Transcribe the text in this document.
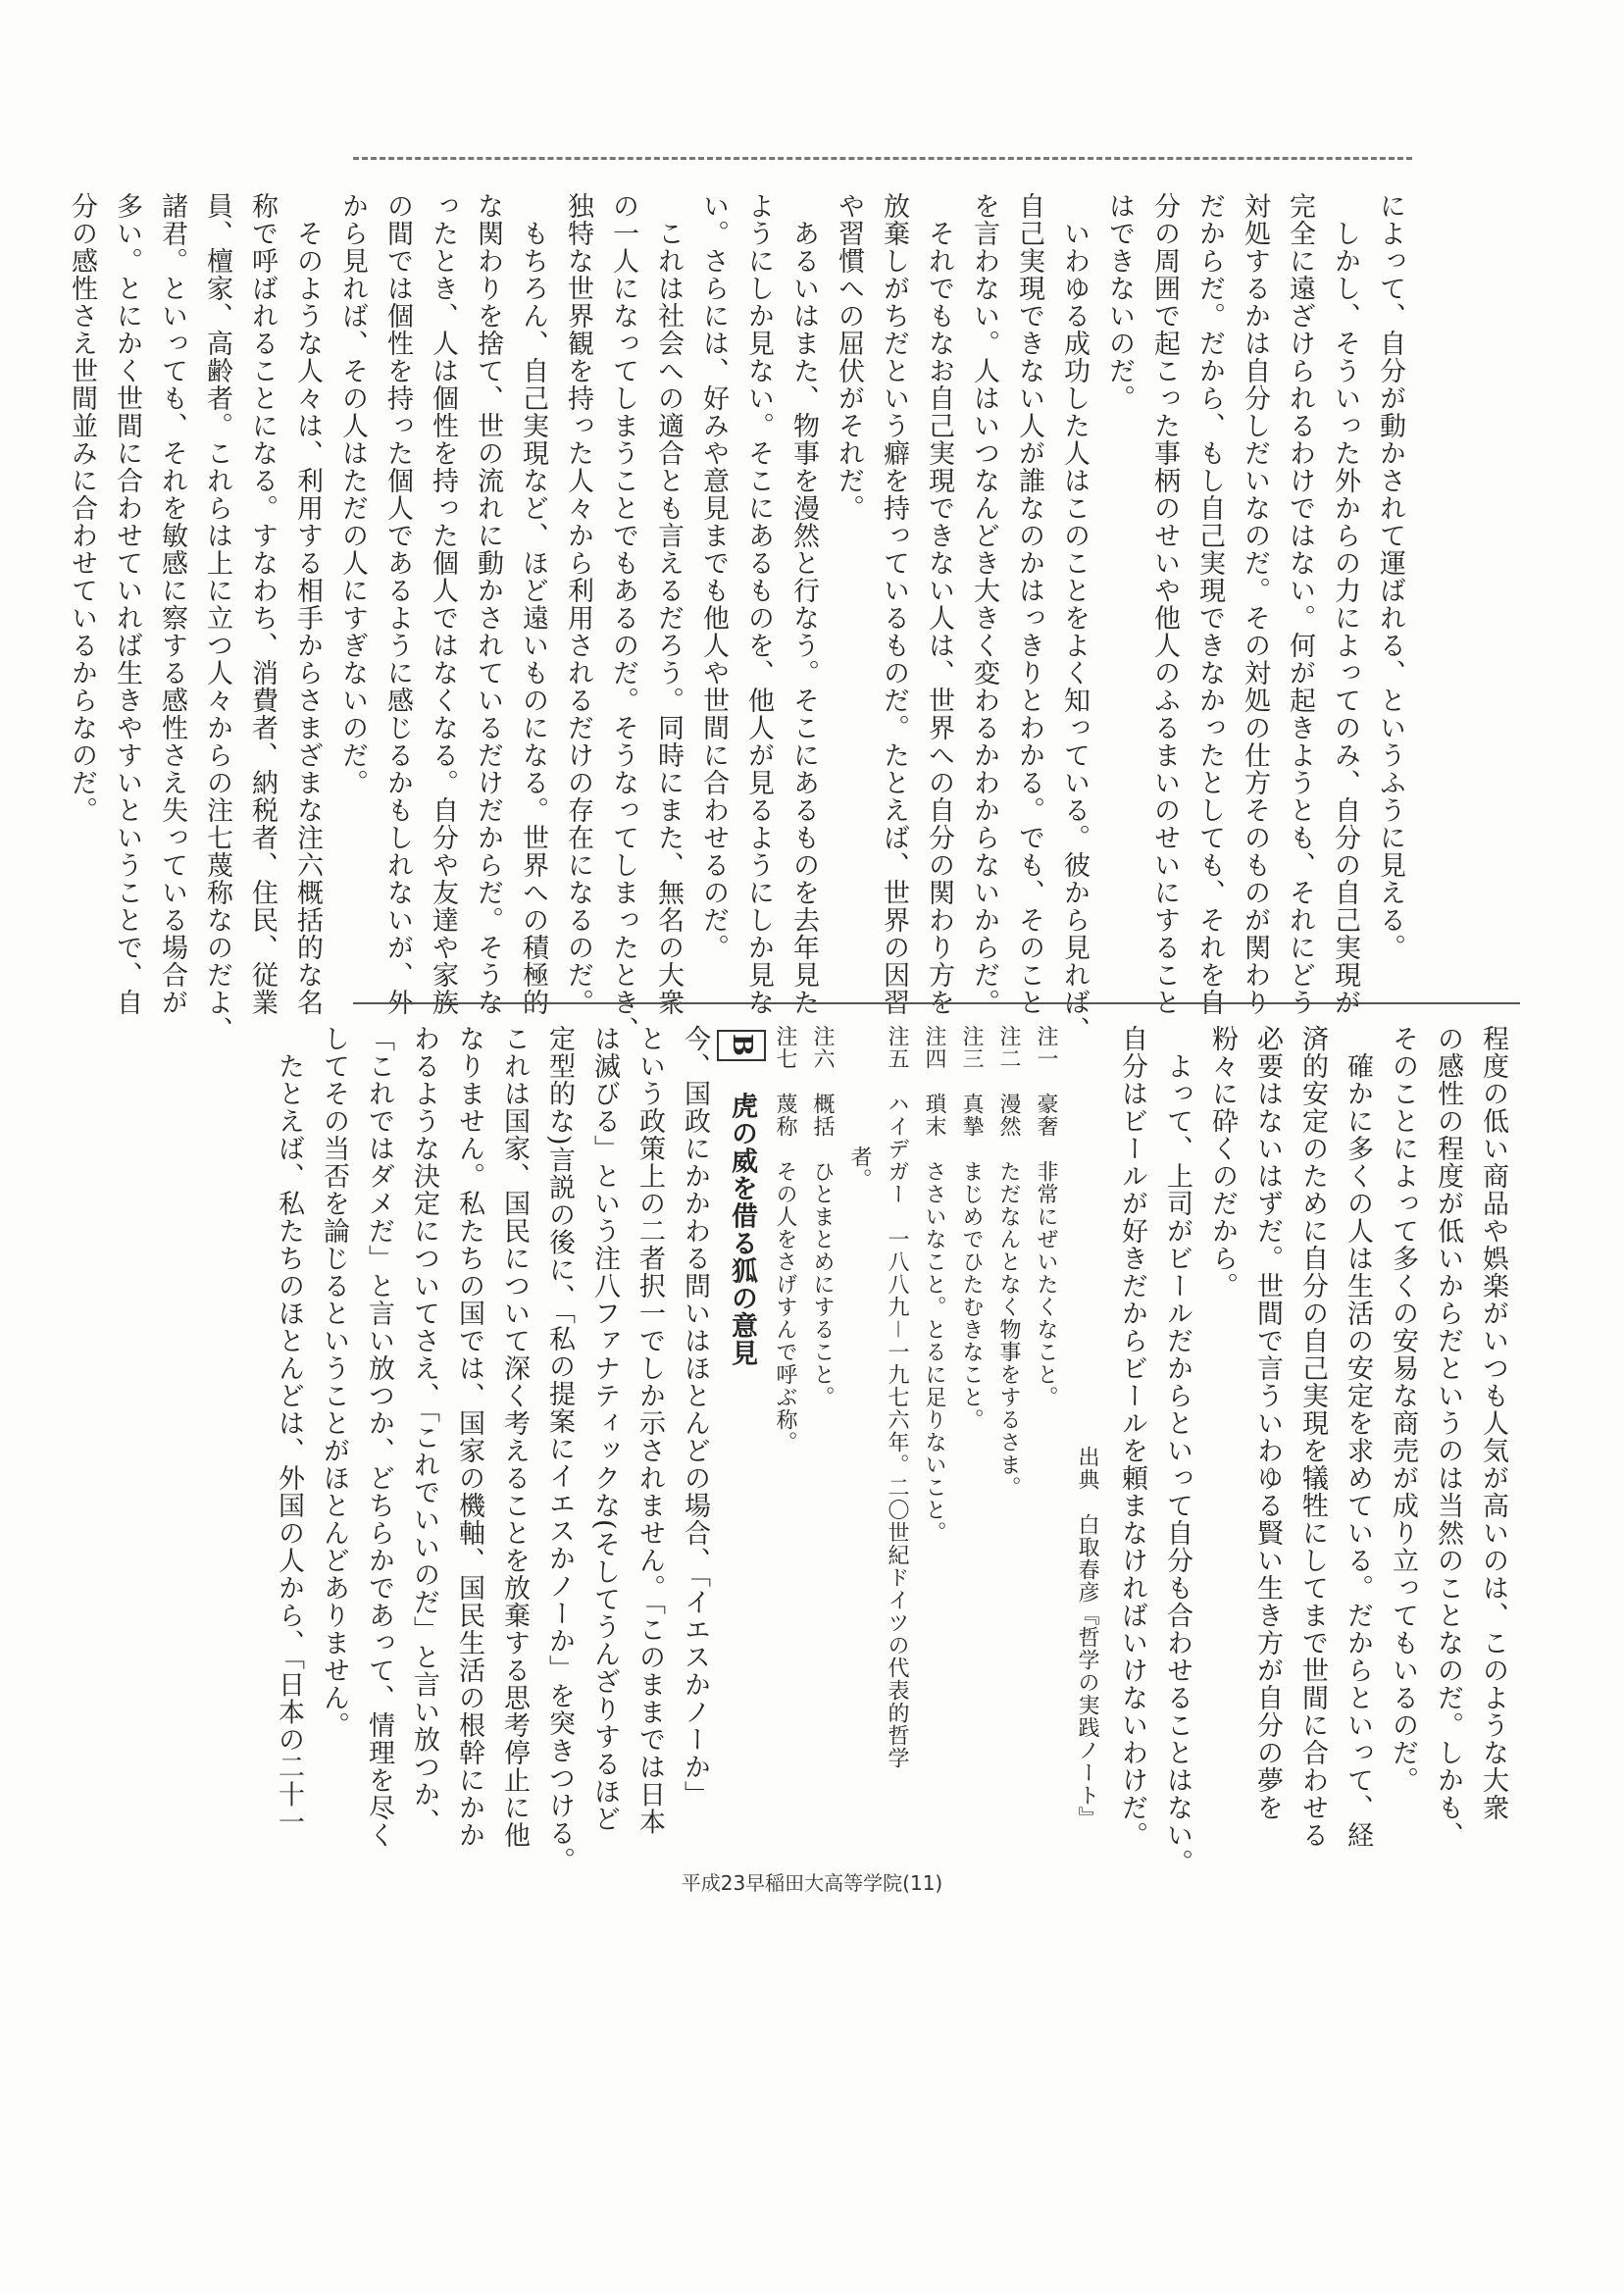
によって、自分が動かされて運ばれる、というふうに見える。

　しかし、そういった外からの力によってのみ、自分の自己実現が

完全に遠ざけられるわけではない。何が起きようとも、それにどう

対処するかは自分しだいなのだ。その対処の仕方そのものが関わり

だからだ。だから、もし自己実現できなかったとしても、それを自

分の周囲で起こった事柄のせいや他人のふるまいのせいにすること

はできないのだ。

　いわゆる成功した人はこのことをよく知っている。彼から見れば、

自己実現できない人が誰なのかはっきりとわかる。でも、そのこと

を言わない。人はいつなんどき大きく変わるかわからないからだ。

　それでもなお自己実現できない人は、世界への自分の関わり方を

放棄しがちだという癖を持っているものだ。たとえば、世界の因習

や習慣への屈伏がそれだ。

　あるいはまた、物事を漫然と行なう。そこにあるものを去年見た

ようにしか見ない。そこにあるものを、他人が見るようにしか見な

い。さらには、好みや意見までも他人や世間に合わせるのだ。

　これは社会への適合とも言えるだろう。同時にまた、無名の大衆

の一人になってしまうことでもあるのだ。そうなってしまったとき、

独特な世界観を持った人々から利用されるだけの存在になるのだ。

　もちろん、自己実現など、ほど遠いものになる。世界への積極的

な関わりを捨て、世の流れに動かされているだけだからだ。そうな

ったとき、人は個性を持った個人ではなくなる。自分や友達や家族

の間では個性を持った個人であるように感じるかもしれないが、外

から見れば、その人はただの人にすぎないのだ。

　そのような人々は、利用する相手からさまざまな注六概括的な名

称で呼ばれることになる。すなわち、消費者、納税者、住民、従業

員、檀家、高齢者。これらは上に立つ人々からの注七蔑称なのだよ、

諸君。といっても、それを敏感に察する感性さえ失っている場合が

多い。とにかく世間に合わせていれば生きやすいということで、自

分の感性さえ世間並みに合わせているからなのだ。

程度の低い商品や娯楽がいつも人気が高いのは、このような大衆

の感性の程度が低いからだというのは当然のことなのだ。しかも、

そのことによって多くの安易な商売が成り立ってもいるのだ。

　確かに多くの人は生活の安定を求めている。だからといって、経

済的安定のために自分の自己実現を犠牲にしてまで世間に合わせる

必要はないはずだ。世間で言ういわゆる賢い生き方が自分の夢を

粉々に砕くのだから。

　よって、上司がビールだからといって自分も合わせることはない。

自分はビールが好きだからビールを頼まなければいけないわけだ。

出典　白取春彦『哲学の実践ノート』

注一　豪奢　非常にぜいたくなこと。

注二　漫然　ただなんとなく物事をするさま。

注三　真摯　まじめでひたむきなこと。

注四　瑣末　ささいなこと。とるに足りないこと。

注五　ハイデガー　一八八九－一九七六年。二〇世紀ドイツの代表的哲学

者。

注六　概括　ひとまとめにすること。

注七　蔑称　その人をさげすんで呼ぶ称。

B　虎の威を借る狐の意見

今、国政にかかわる問いはほとんどの場合、「イエスかノーか」

という政策上の二者択一でしか示されません。「このままでは日本

は滅びる」という注八ファナティックな(そしてうんざりするほど

定型的な)言説の後に、「私の提案にイエスかノーか」を突きつける。

これは国家、国民について深く考えることを放棄する思考停止に他

なりません。私たちの国では、国家の機軸、国民生活の根幹にかか

わるような決定についてさえ、「これでいいのだ」と言い放つか、

「これではダメだ」と言い放つか、どちらかであって、情理を尽く

してその当否を論じるということがほとんどありません。

　たとえば、私たちのほとんどは、外国の人から、「日本の二十一

平成23早稲田大高等学院(11)
